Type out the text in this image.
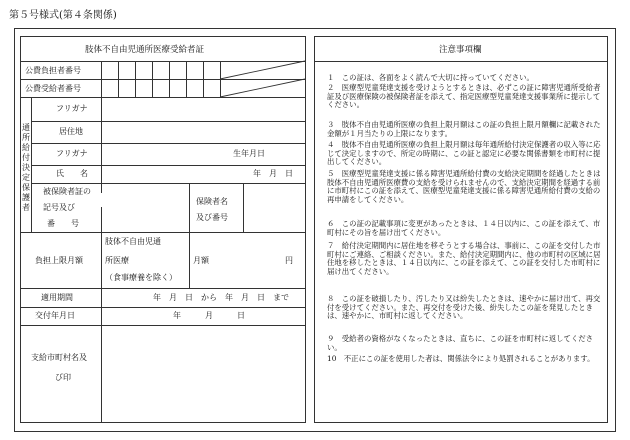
第５号様式(第４条関係)
肢体不自由児通所医療受給者証
公費負担者番号
公費受給者番号
通所給付決定保護者
フリガナ
居住地
フリガナ	生年月日
氏　　名	年　月　日
被保険者証の
記号及び
番　　号
保険者名
及び番号
負担上限月額
肢体不自由児通
所医療
（食事療養を除く）
月額	円
適用期間	年　月　日　から　年　月　日　まで
交付年月日	年　　　月　　　日
支給市町村名及
び印
注意事項欄
１　この証は、各面をよく読んで大切に持っていてください。
２　医療型児童発達支援を受けようとするときは、必ずこの証に障害児通所受給者証及び医療保険の被保険者証を添えて、指定医療型児童発達支援事業所に提示してください。
３　肢体不自由児通所医療の負担上限月額はこの証の負担上限月額欄に記載された金額が１月当たりの上限になります。
４　肢体不自由児通所医療の負担上限月額は毎年通所給付決定保護者の収入等に応じて決定しますので、所定の時期に、この証と認定に必要な関係書類を市町村に提出してください。
５　医療型児童発達支援に係る障害児通所給付費の支給決定期間を経過したときは肢体不自由児通所医療費の支給を受けられませんので、支給決定期間を経過する前に市町村にこの証を添えて、医療型児童発達支援に係る障害児通所給付費の支給の再申請をしてください。
６　この証の記載事項に変更があったときは、１４日以内に、この証を添えて、市町村にその旨を届け出てください。
７　給付決定期間内に居住地を移そうとする場合は、事前に、この証を交付した市町村にご連絡、ご相談ください。また、給付決定期間内に、他の市町村の区域に居住地を移したときは、１４日以内に、この証を添えて、この証を交付した市町村に届け出てください。
８　この証を破損したり、汚したり又は紛失したときは、速やかに届け出て、再交付を受けてください。また、再交付を受けた後、紛失したこの証を発見したときは、速やかに、市町村に返してください。
９　受給者の資格がなくなったときは、直ちに、この証を市町村に返してください。
10　不正にこの証を使用した者は、関係法令により処罰されることがあります。
